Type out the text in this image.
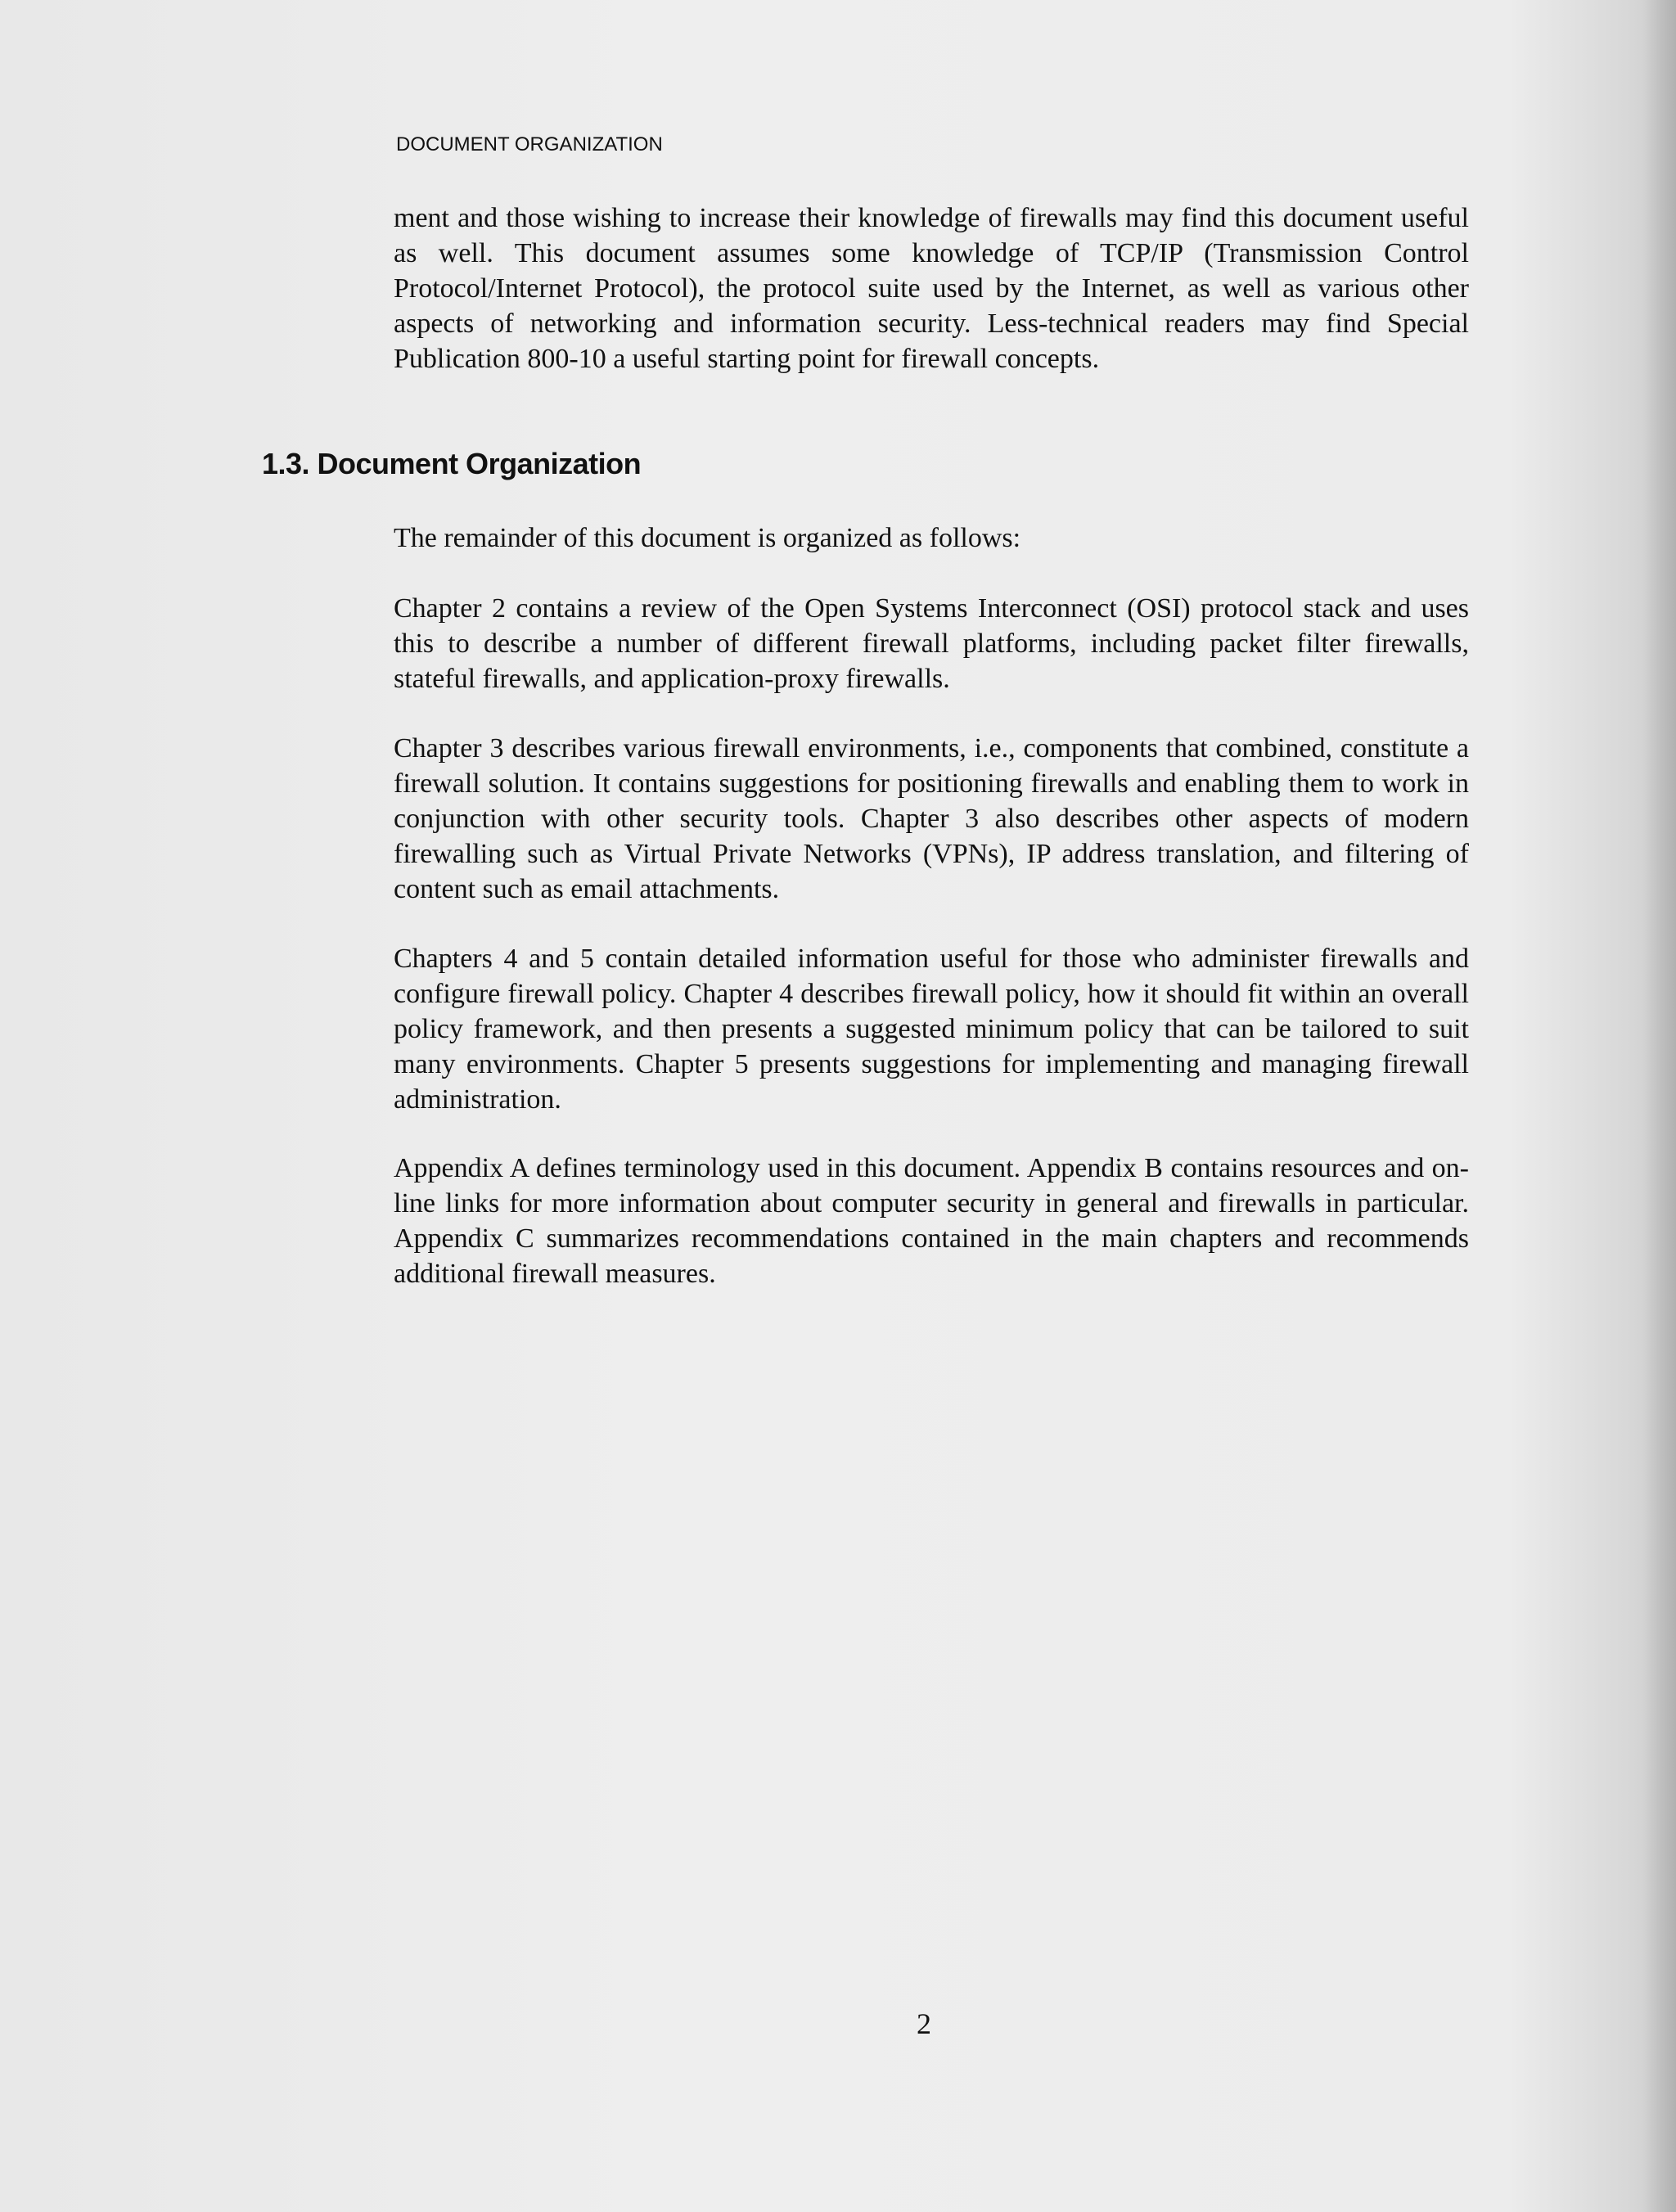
DOCUMENT ORGANIZATION

ment and those wishing to increase their knowledge of firewalls may find this document useful as well. This document assumes some knowledge of TCP/IP (Transmission Control Protocol/Internet Protocol), the protocol suite used by the Internet, as well as various other aspects of networking and information security. Less-technical readers may find Special Publication 800-10 a useful starting point for firewall concepts.

1.3. Document Organization

The remainder of this document is organized as follows:

Chapter 2 contains a review of the Open Systems Interconnect (OSI) protocol stack and uses this to describe a number of different firewall platforms, including packet filter firewalls, stateful firewalls, and application-proxy firewalls.

Chapter 3 describes various firewall environments, i.e., components that combined, constitute a firewall solution. It contains suggestions for positioning firewalls and enabling them to work in conjunction with other security tools. Chapter 3 also describes other aspects of modern firewalling such as Virtual Private Networks (VPNs), IP address translation, and filtering of content such as email attachments.

Chapters 4 and 5 contain detailed information useful for those who administer firewalls and configure firewall policy. Chapter 4 describes firewall policy, how it should fit within an overall policy framework, and then presents a suggested minimum policy that can be tailored to suit many environments. Chapter 5 presents suggestions for implementing and managing firewall administration.

Appendix A defines terminology used in this document. Appendix B contains resources and on-line links for more information about computer security in general and firewalls in particular. Appendix C summarizes recommendations contained in the main chapters and recommends additional firewall measures.

2
